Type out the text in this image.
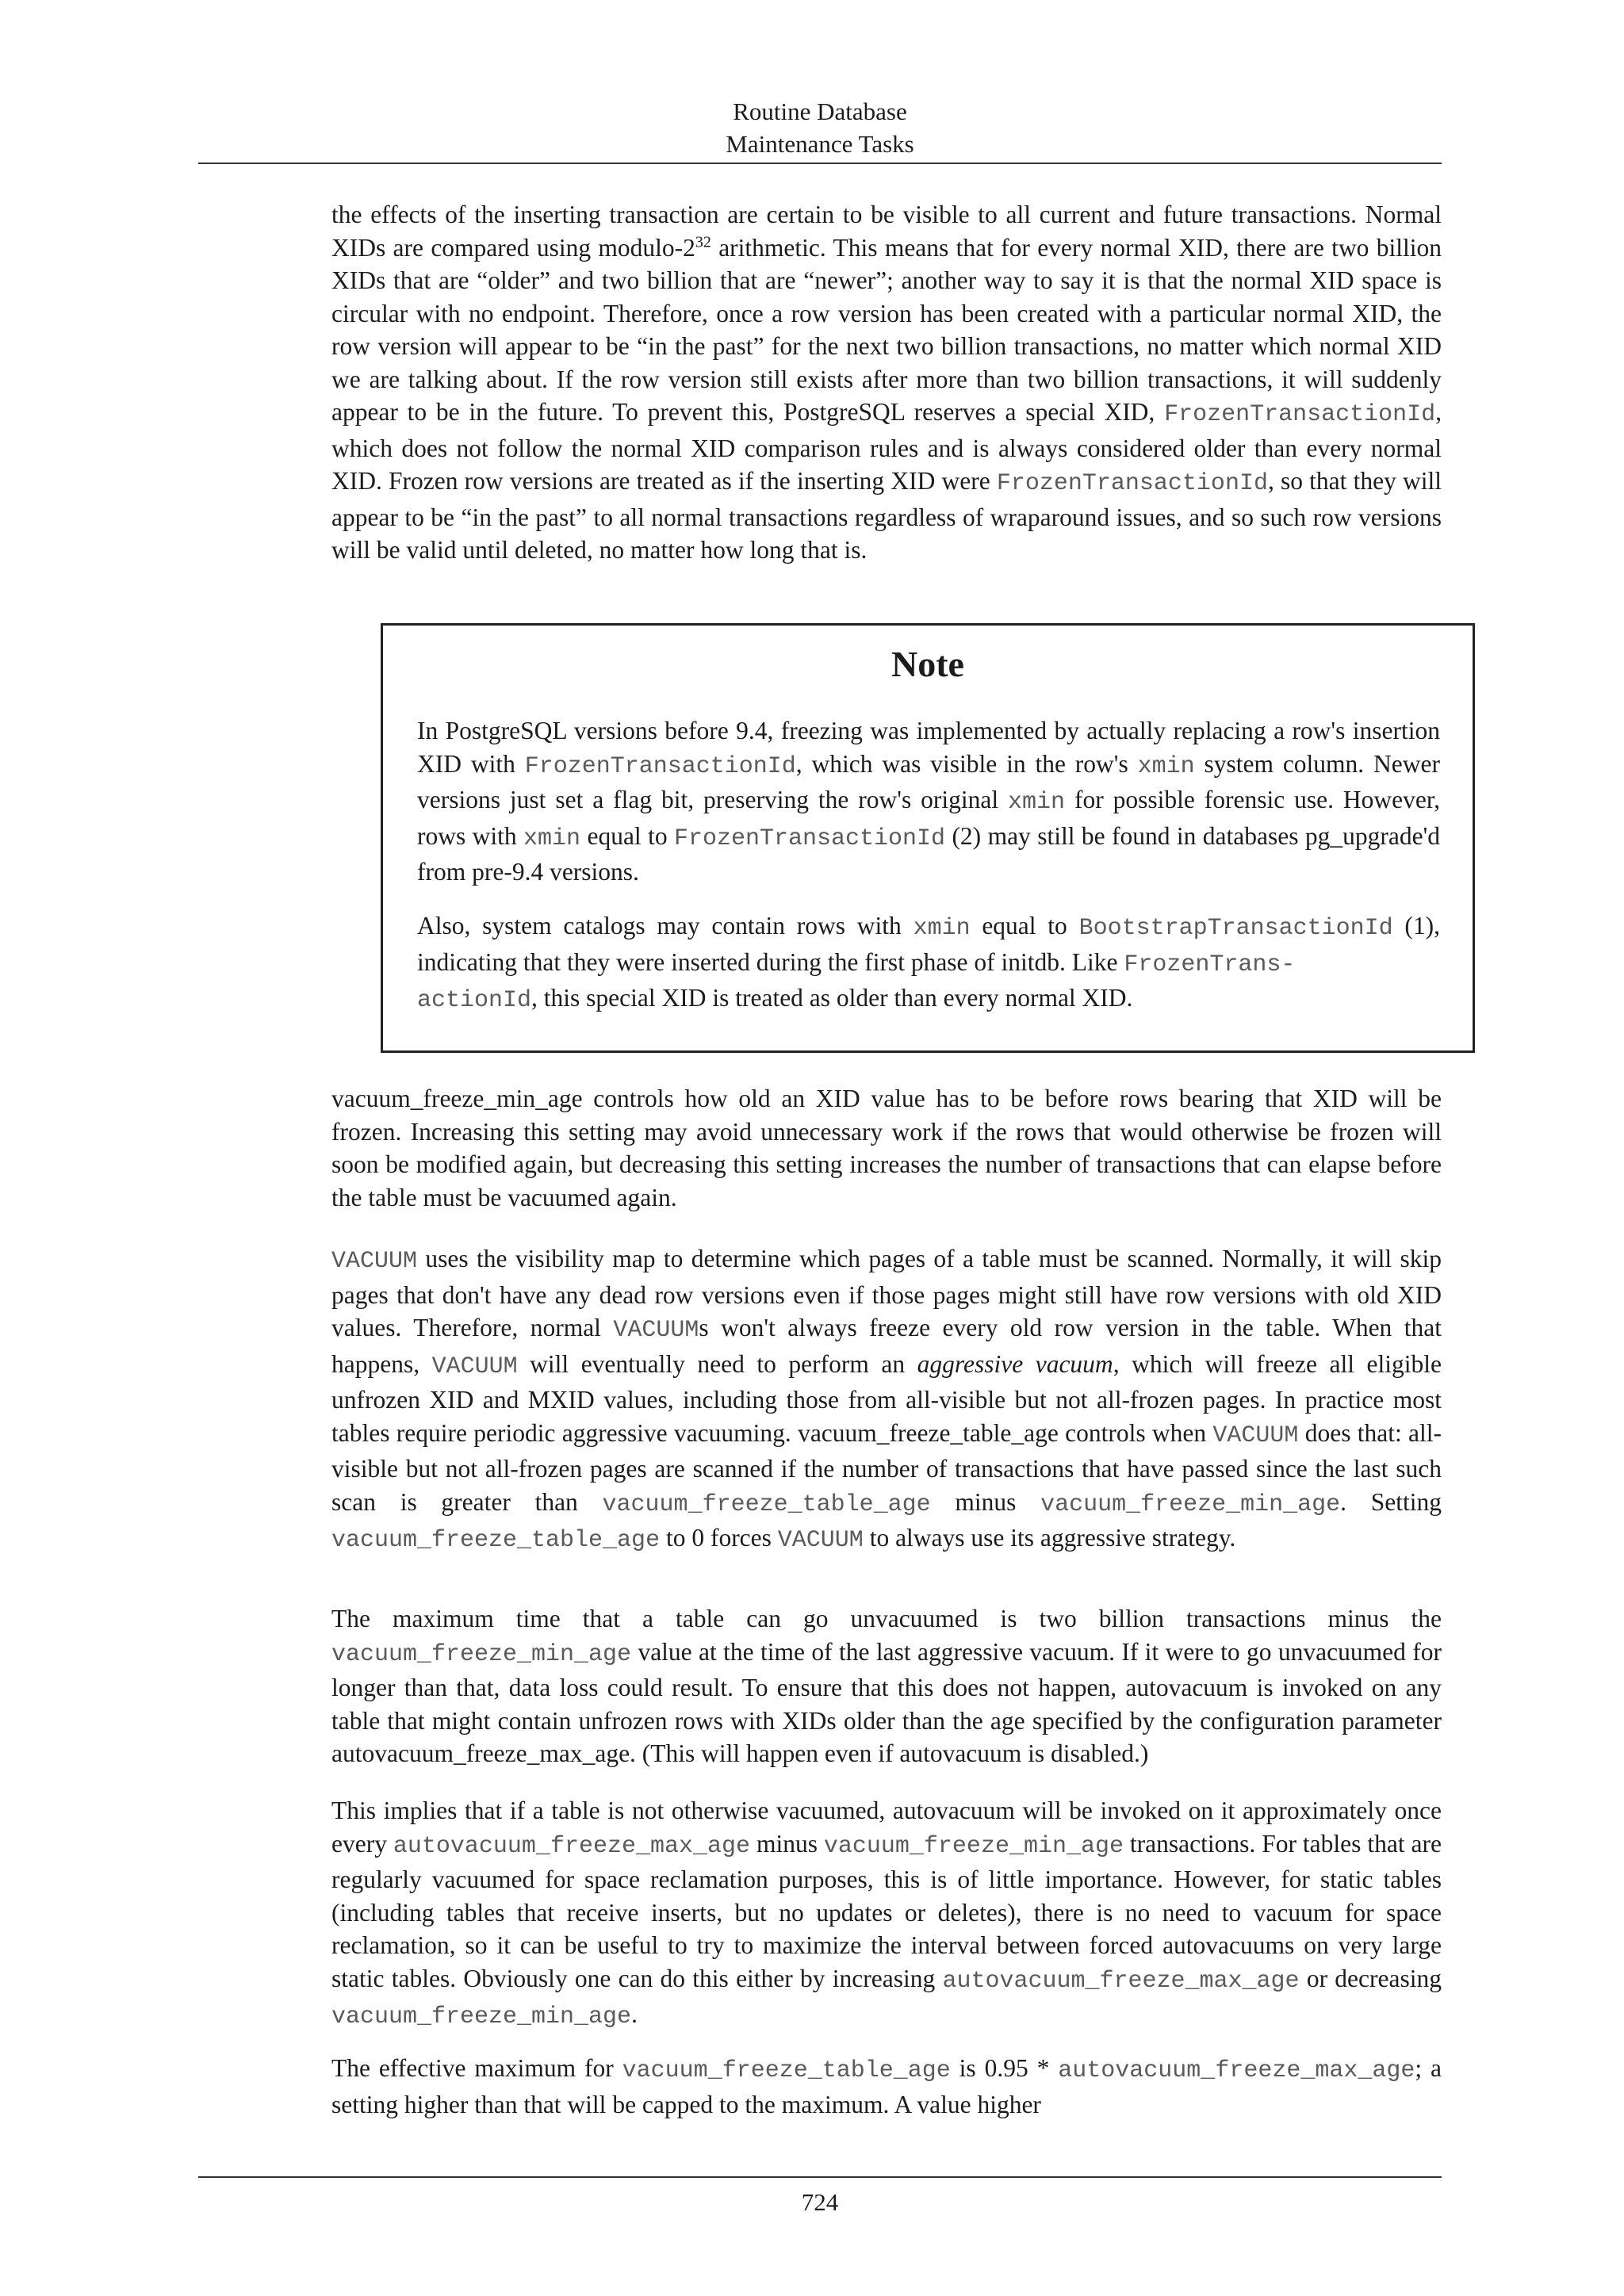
Routine Database
Maintenance Tasks

the effects of the inserting transaction are certain to be visible to all current and future transactions. Normal XIDs are compared using modulo-$2^{32}$ arithmetic. This means that for every normal XID, there are two billion XIDs that are “older” and two billion that are “newer”; another way to say it is that the normal XID space is circular with no endpoint. Therefore, once a row version has been created with a particular normal XID, the row version will appear to be “in the past” for the next two billion transactions, no matter which normal XID we are talking about. If the row version still exists after more than two billion transactions, it will suddenly appear to be in the future. To prevent this, PostgreSQL reserves a special XID, FrozenTransactionId, which does not follow the normal XID comparison rules and is always considered older than every normal XID. Frozen row versions are treated as if the inserting XID were FrozenTransactionId, so that they will appear to be “in the past” to all normal transactions regardless of wraparound issues, and so such row versions will be valid until deleted, no matter how long that is.

Note

In PostgreSQL versions before 9.4, freezing was implemented by actually replacing a row's insertion XID with FrozenTransactionId, which was visible in the row's xmin system column. Newer versions just set a flag bit, preserving the row's original xmin for possible forensic use. However, rows with xmin equal to FrozenTransactionId (2) may still be found in databases pg_upgrade'd from pre-9.4 versions.

Also, system catalogs may contain rows with xmin equal to BootstrapTransactionId (1), indicating that they were inserted during the first phase of initdb. Like FrozenTrans-
actionId, this special XID is treated as older than every normal XID.

vacuum_freeze_min_age controls how old an XID value has to be before rows bearing that XID will be frozen. Increasing this setting may avoid unnecessary work if the rows that would otherwise be frozen will soon be modified again, but decreasing this setting increases the number of transactions that can elapse before the table must be vacuumed again.

VACUUM uses the visibility map to determine which pages of a table must be scanned. Normally, it will skip pages that don't have any dead row versions even if those pages might still have row versions with old XID values. Therefore, normal VACUUMs won't always freeze every old row version in the table. When that happens, VACUUM will eventually need to perform an aggressive vacuum, which will freeze all eligible unfrozen XID and MXID values, including those from all-visible but not all-frozen pages. In practice most tables require periodic aggressive vacuuming. vacuum_freeze_table_age controls when VACUUM does that: all-visible but not all-frozen pages are scanned if the number of transactions that have passed since the last such scan is greater than vacuum_freeze_table_age minus vacuum_freeze_min_age. Setting vacuum_freeze_table_age to 0 forces VACUUM to always use its aggressive strategy.

The maximum time that a table can go unvacuumed is two billion transactions minus the vacuum_freeze_min_age value at the time of the last aggressive vacuum. If it were to go unvacuumed for longer than that, data loss could result. To ensure that this does not happen, autovacuum is invoked on any table that might contain unfrozen rows with XIDs older than the age specified by the configuration parameter autovacuum_freeze_max_age. (This will happen even if autovacuum is disabled.)

This implies that if a table is not otherwise vacuumed, autovacuum will be invoked on it approximately once every autovacuum_freeze_max_age minus vacuum_freeze_min_age transactions. For tables that are regularly vacuumed for space reclamation purposes, this is of little importance. However, for static tables (including tables that receive inserts, but no updates or deletes), there is no need to vacuum for space reclamation, so it can be useful to try to maximize the interval between forced autovacuums on very large static tables. Obviously one can do this either by increasing autovacuum_freeze_max_age or decreasing vacuum_freeze_min_age.

The effective maximum for vacuum_freeze_table_age is 0.95 * autovacuum_freeze_max_age; a setting higher than that will be capped to the maximum. A value higher

724
